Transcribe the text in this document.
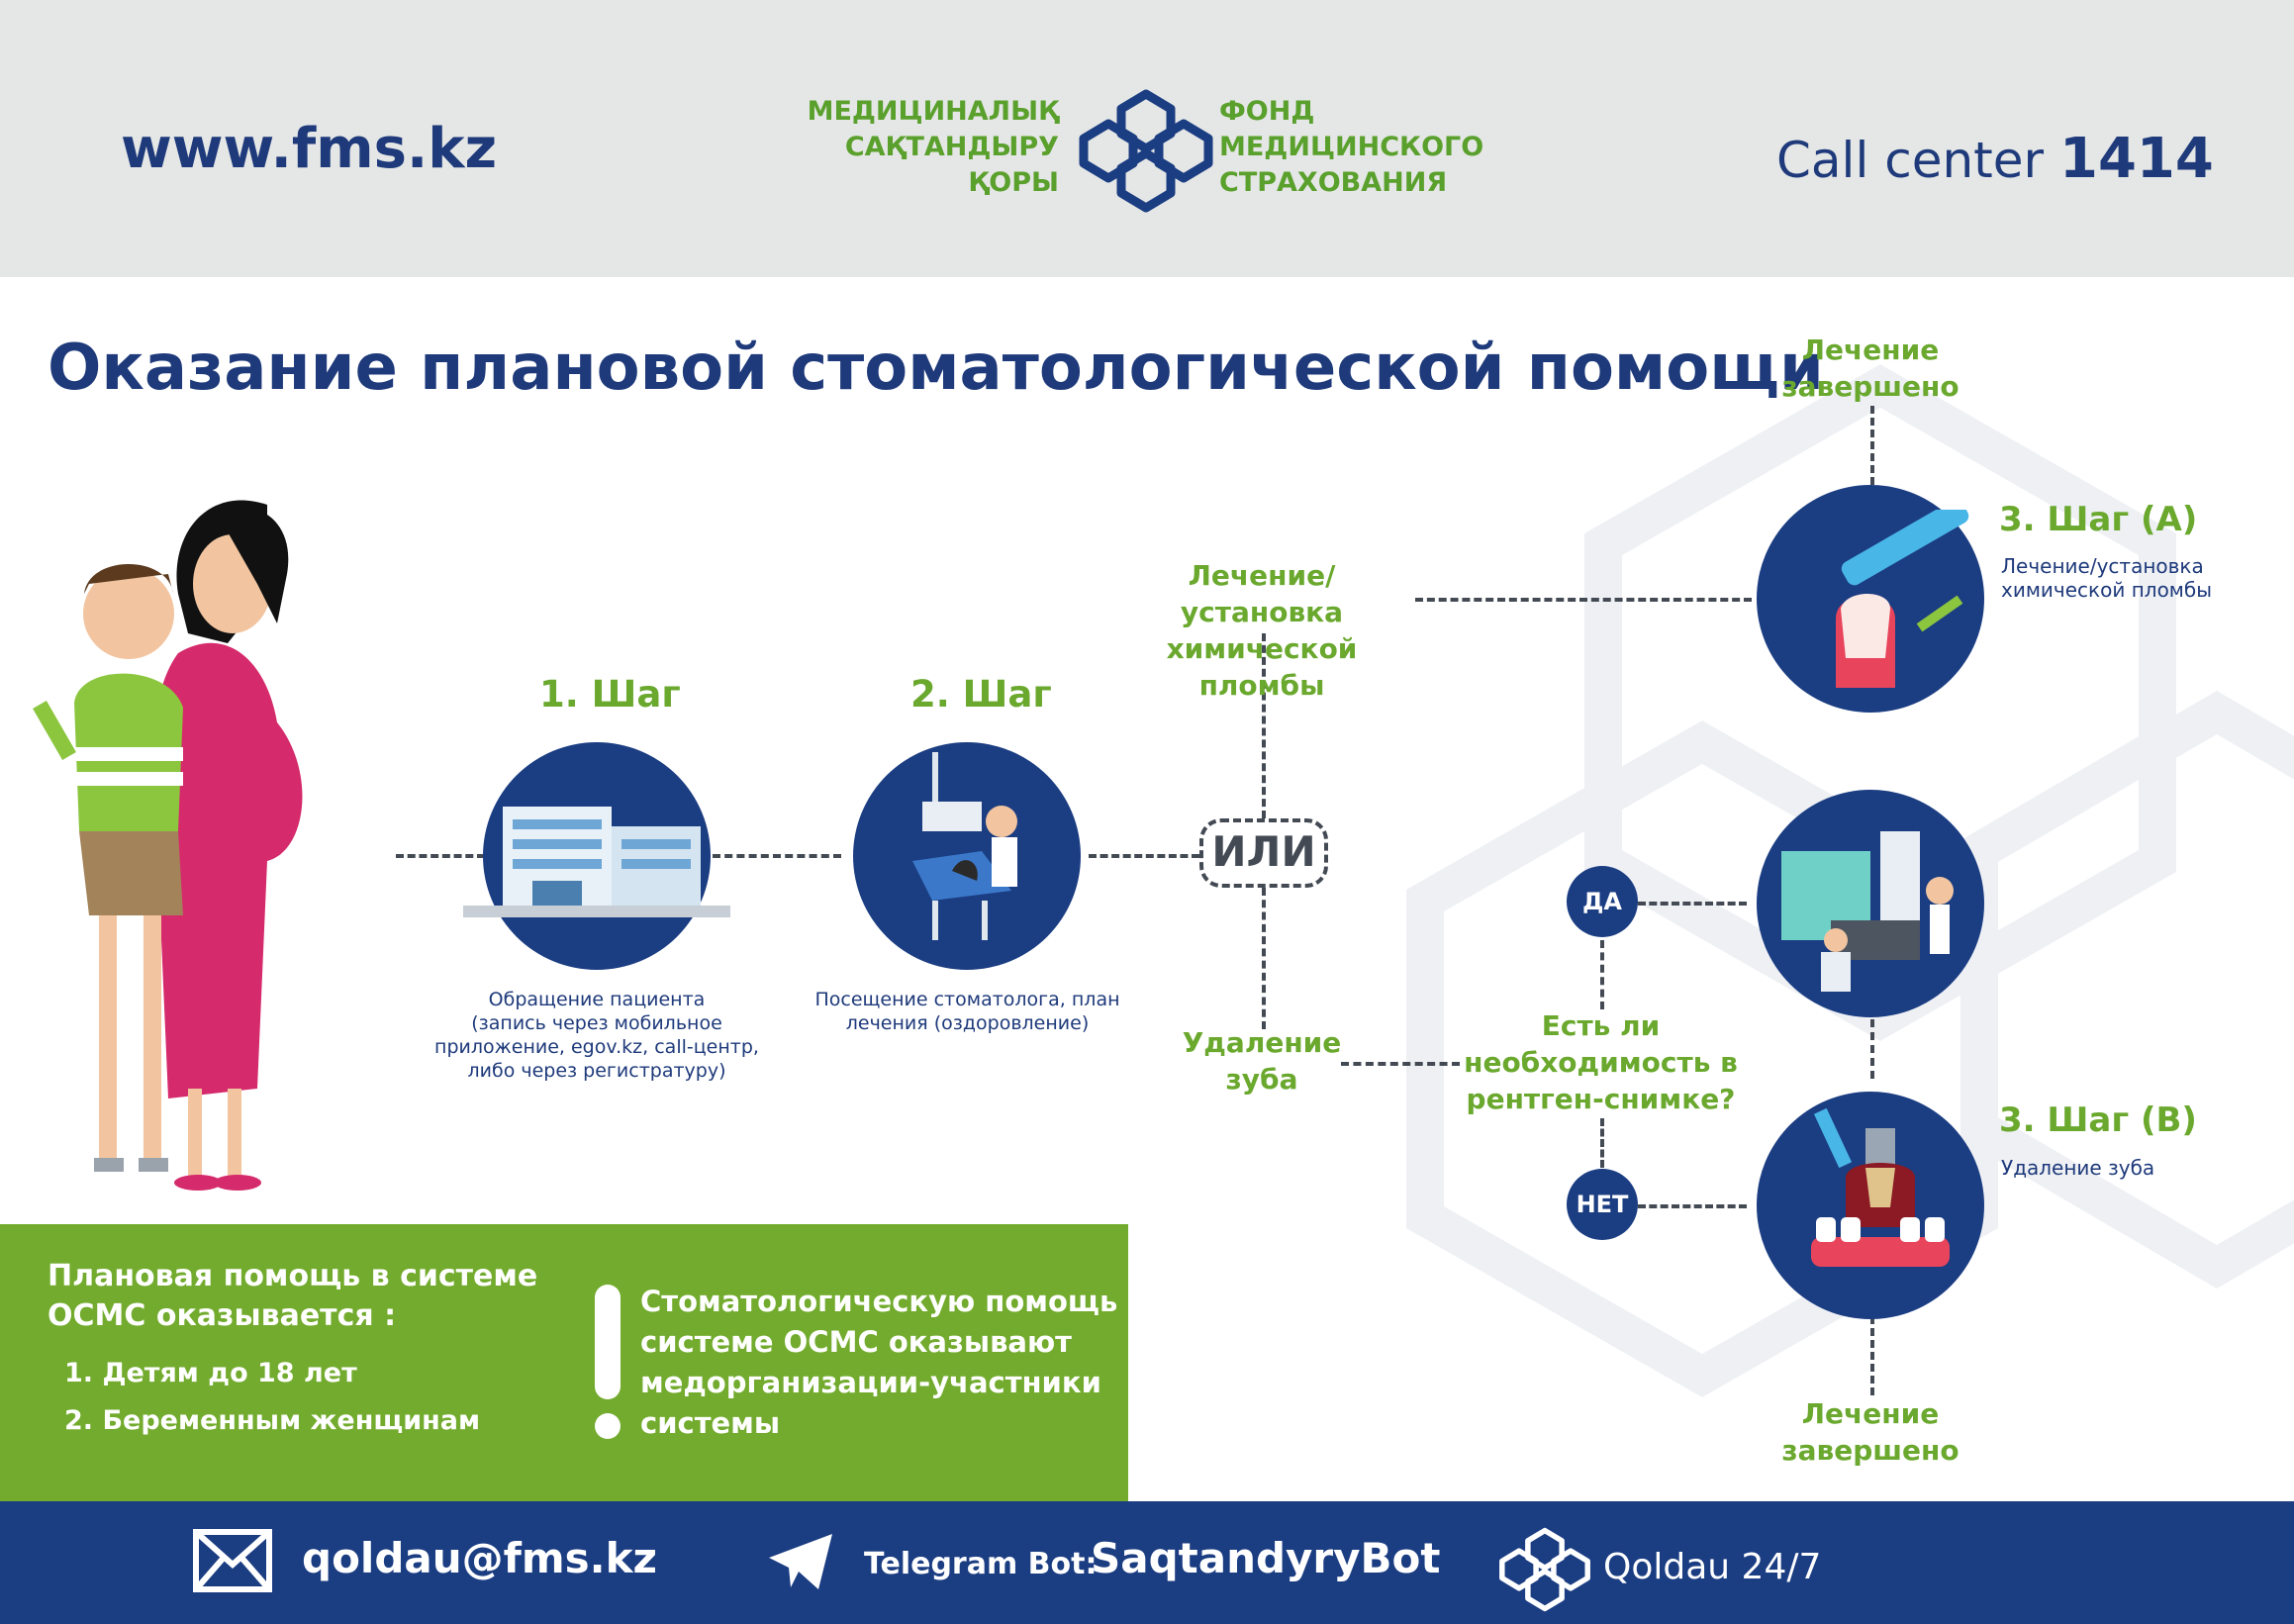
www.fms.kz
МЕДИЦИНАЛЫҚ
САҚТАНДЫРУ
ҚОРЫ
ФОНД
МЕДИЦИНСКОГО
СТРАХОВАНИЯ	Call center 1414
Оказание плановой стоматологической помощи
1. Шаг
Обращение пациента
(запись через мобильное
приложение, egov.kz, call-центр,
либо через регистратуру)
2. Шаг
Посещение стоматолога, план
лечения (оздоровление)
ИЛИ
Лечение/установка
химической пломбы
Удаление
зуба
Лечение
завершено
3. Шаг (А)
Лечение/установка
химической пломбы
Есть ли
необходимость в
рентген-снимке?
ДА
НЕТ
3. Шаг (В)
Удаление зуба
Лечение
завершено
Плановая помощь в системе
ОСМС оказывается :
1. Детям до 18 лет
2. Беременным женщинам
Стоматологическую помощь в
системе ОСМС оказывают
медорганизации-участники
системы
qoldau@fms.kz	Telegram Bot:
SaqtandyryBot	Qoldau 24/7
